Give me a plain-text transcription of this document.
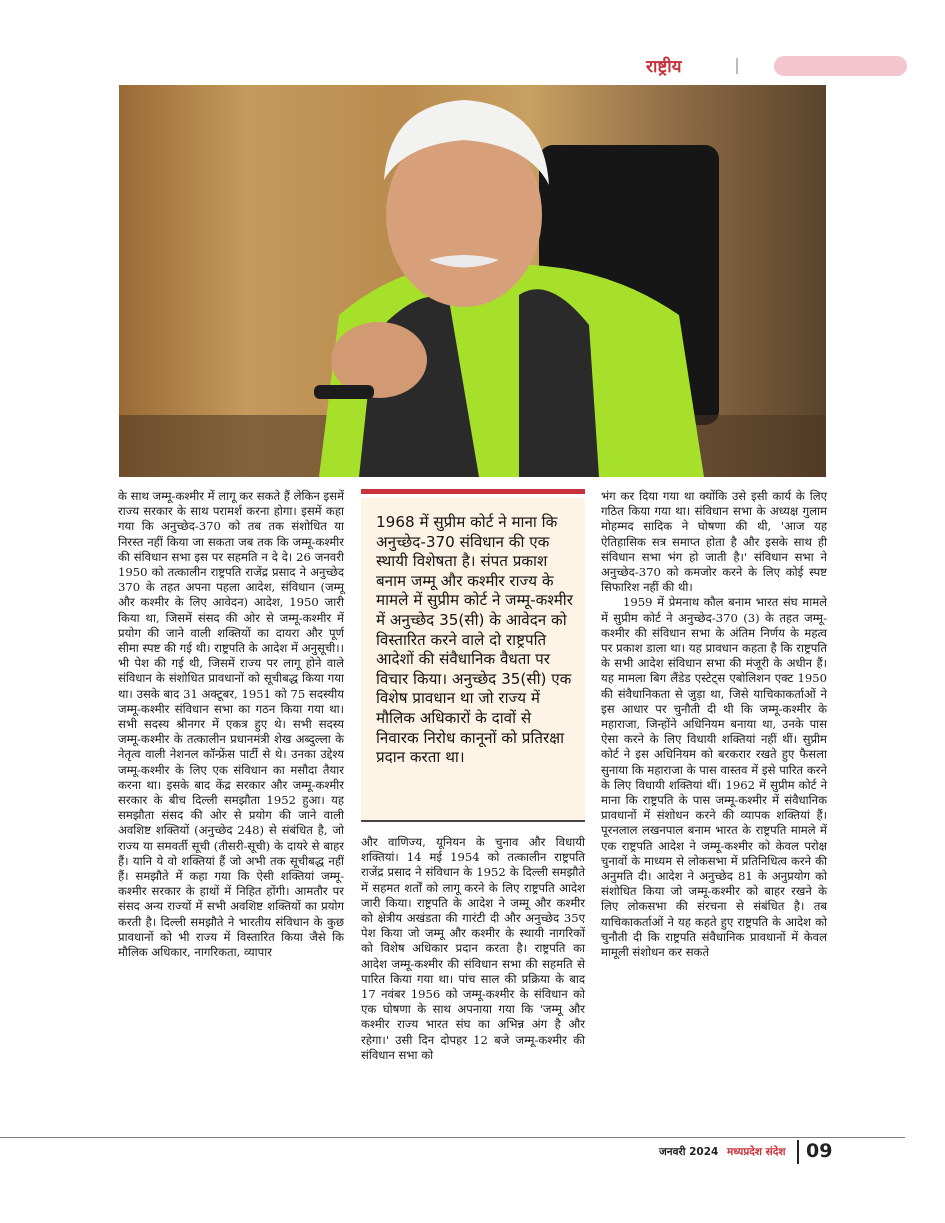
राष्ट्रीय

के साथ जम्मू-कश्मीर में लागू कर सकते हैं लेकिन इसमें राज्य सरकार के साथ परामर्श करना होगा। इसमें कहा गया कि अनुच्छेद-370 को तब तक संशोधित या निरस्त नहीं किया जा सकता जब तक कि जम्मू-कश्मीर की संविधान सभा इस पर सहमति न दे दे। 26 जनवरी 1950 को तत्कालीन राष्ट्रपति राजेंद्र प्रसाद ने अनुच्छेद 370 के तहत अपना पहला आदेश, संविधान (जम्मू और कश्मीर के लिए आवेदन) आदेश, 1950 जारी किया था, जिसमें संसद की ओर से जम्मू-कश्मीर में प्रयोग की जाने वाली शक्तियों का दायरा और पूर्ण सीमा स्पष्ट की गई थी। राष्ट्रपति के आदेश में अनुसूची।। भी पेश की गई थी, जिसमें राज्य पर लागू होने वाले संविधान के संशोधित प्रावधानों को सूचीबद्ध किया गया था। उसके बाद 31 अक्टूबर, 1951 को 75 सदस्यीय जम्मू-कश्मीर संविधान सभा का गठन किया गया था। सभी सदस्य श्रीनगर में एकत्र हुए थे। सभी सदस्य जम्मू-कश्मीर के तत्कालीन प्रधानमंत्री शेख अब्दुल्ला के नेतृत्व वाली नेशनल कॉन्फ्रेंस पार्टी से थे। उनका उद्देश्य जम्मू-कश्मीर के लिए एक संविधान का मसौदा तैयार करना था। इसके बाद केंद्र सरकार और जम्मू-कश्मीर सरकार के बीच दिल्ली समझौता 1952 हुआ। यह समझौता संसद की ओर से प्रयोग की जाने वाली अवशिष्ट शक्तियों (अनुच्छेद 248) से संबंधित है, जो राज्य या समवर्ती सूची (तीसरी-सूची) के दायरे से बाहर हैं। यानि ये वो शक्तियां हैं जो अभी तक सूचीबद्ध नहीं हैं। समझौते में कहा गया कि ऐसी शक्तियां जम्मू-कश्मीर सरकार के हाथों में निहित होंगी। आमतौर पर संसद अन्य राज्यों में सभी अवशिष्ट शक्तियों का प्रयोग करती है। दिल्ली समझौते ने भारतीय संविधान के कुछ प्रावधानों को भी राज्य में विस्तारित किया जैसे कि मौलिक अधिकार, नागरिकता, व्यापार

1968 में सुप्रीम कोर्ट ने माना कि अनुच्छेद-370 संविधान की एक स्थायी विशेषता है। संपत प्रकाश बनाम जम्मू और कश्मीर राज्य के मामले में सुप्रीम कोर्ट ने जम्मू-कश्मीर में अनुच्छेद 35(सी) के आवेदन को विस्तारित करने वाले दो राष्ट्रपति आदेशों की संवैधानिक वैधता पर विचार किया। अनुच्छेद 35(सी) एक विशेष प्रावधान था जो राज्य में मौलिक अधिकारों के दावों से निवारक निरोध कानूनों को प्रतिरक्षा प्रदान करता था।

और वाणिज्य, यूनियन के चुनाव और विधायी शक्तियां। 14 मई 1954 को तत्कालीन राष्ट्रपति राजेंद्र प्रसाद ने संविधान के 1952 के दिल्ली समझौते में सहमत शर्तों को लागू करने के लिए राष्ट्रपति आदेश जारी किया। राष्ट्रपति के आदेश ने जम्मू और कश्मीर को क्षेत्रीय अखंडता की गारंटी दी और अनुच्छेद 35ए पेश किया जो जम्मू और कश्मीर के स्थायी नागरिकों को विशेष अधिकार प्रदान करता है। राष्ट्रपति का आदेश जम्मू-कश्मीर की संविधान सभा की सहमति से पारित किया गया था। पांच साल की प्रक्रिया के बाद 17 नवंबर 1956 को जम्मू-कश्मीर के संविधान को एक घोषणा के साथ अपनाया गया कि 'जम्मू और कश्मीर राज्य भारत संघ का अभिन्न अंग है और रहेगा।' उसी दिन दोपहर 12 बजे जम्मू-कश्मीर की संविधान सभा को

भंग कर दिया गया था क्योंकि उसे इसी कार्य के लिए गठित किया गया था। संविधान सभा के अध्यक्ष गुलाम मोहम्मद सादिक ने घोषणा की थी, 'आज यह ऐतिहासिक सत्र समाप्त होता है और इसके साथ ही संविधान सभा भंग हो जाती है।' संविधान सभा ने अनुच्छेद-370 को कमजोर करने के लिए कोई स्पष्ट सिफारिश नहीं की थी।

1959 में प्रेमनाथ कौल बनाम भारत संघ मामले में सुप्रीम कोर्ट ने अनुच्छेद-370 (3) के तहत जम्मू-कश्मीर की संविधान सभा के अंतिम निर्णय के महत्व पर प्रकाश डाला था। यह प्रावधान कहता है कि राष्ट्रपति के सभी आदेश संविधान सभा की मंजूरी के अधीन हैं। यह मामला बिग लैंडेड एस्टेट्स एबोलिशन एक्ट 1950 की संवैधानिकता से जुड़ा था, जिसे याचिकाकर्ताओं ने इस आधार पर चुनौती दी थी कि जम्मू-कश्मीर के महाराजा, जिन्होंने अधिनियम बनाया था, उनके पास ऐसा करने के लिए विधायी शक्तियां नहीं थीं। सुप्रीम कोर्ट ने इस अधिनियम को बरकरार रखते हुए फैसला सुनाया कि महाराजा के पास वास्तव में इसे पारित करने के लिए विधायी शक्तियां थीं। 1962 में सुप्रीम कोर्ट ने माना कि राष्ट्रपति के पास जम्मू-कश्मीर में संवैधानिक प्रावधानों में संशोधन करने की व्यापक शक्तियां हैं। पूरनलाल लखनपाल बनाम भारत के राष्ट्रपति मामले में एक राष्ट्रपति आदेश ने जम्मू-कश्मीर को केवल परोक्ष चुनावों के माध्यम से लोकसभा में प्रतिनिधित्व करने की अनुमति दी। आदेश ने अनुच्छेद 81 के अनुप्रयोग को संशोधित किया जो जम्मू-कश्मीर को बाहर रखने के लिए लोकसभा की संरचना से संबंधित है। तब याचिकाकर्ताओं ने यह कहते हुए राष्ट्रपति के आदेश को चुनौती दी कि राष्ट्रपति संवैधानिक प्रावधानों में केवल मामूली संशोधन कर सकते

जनवरी 2024 मध्यप्रदेश संदेश 09
